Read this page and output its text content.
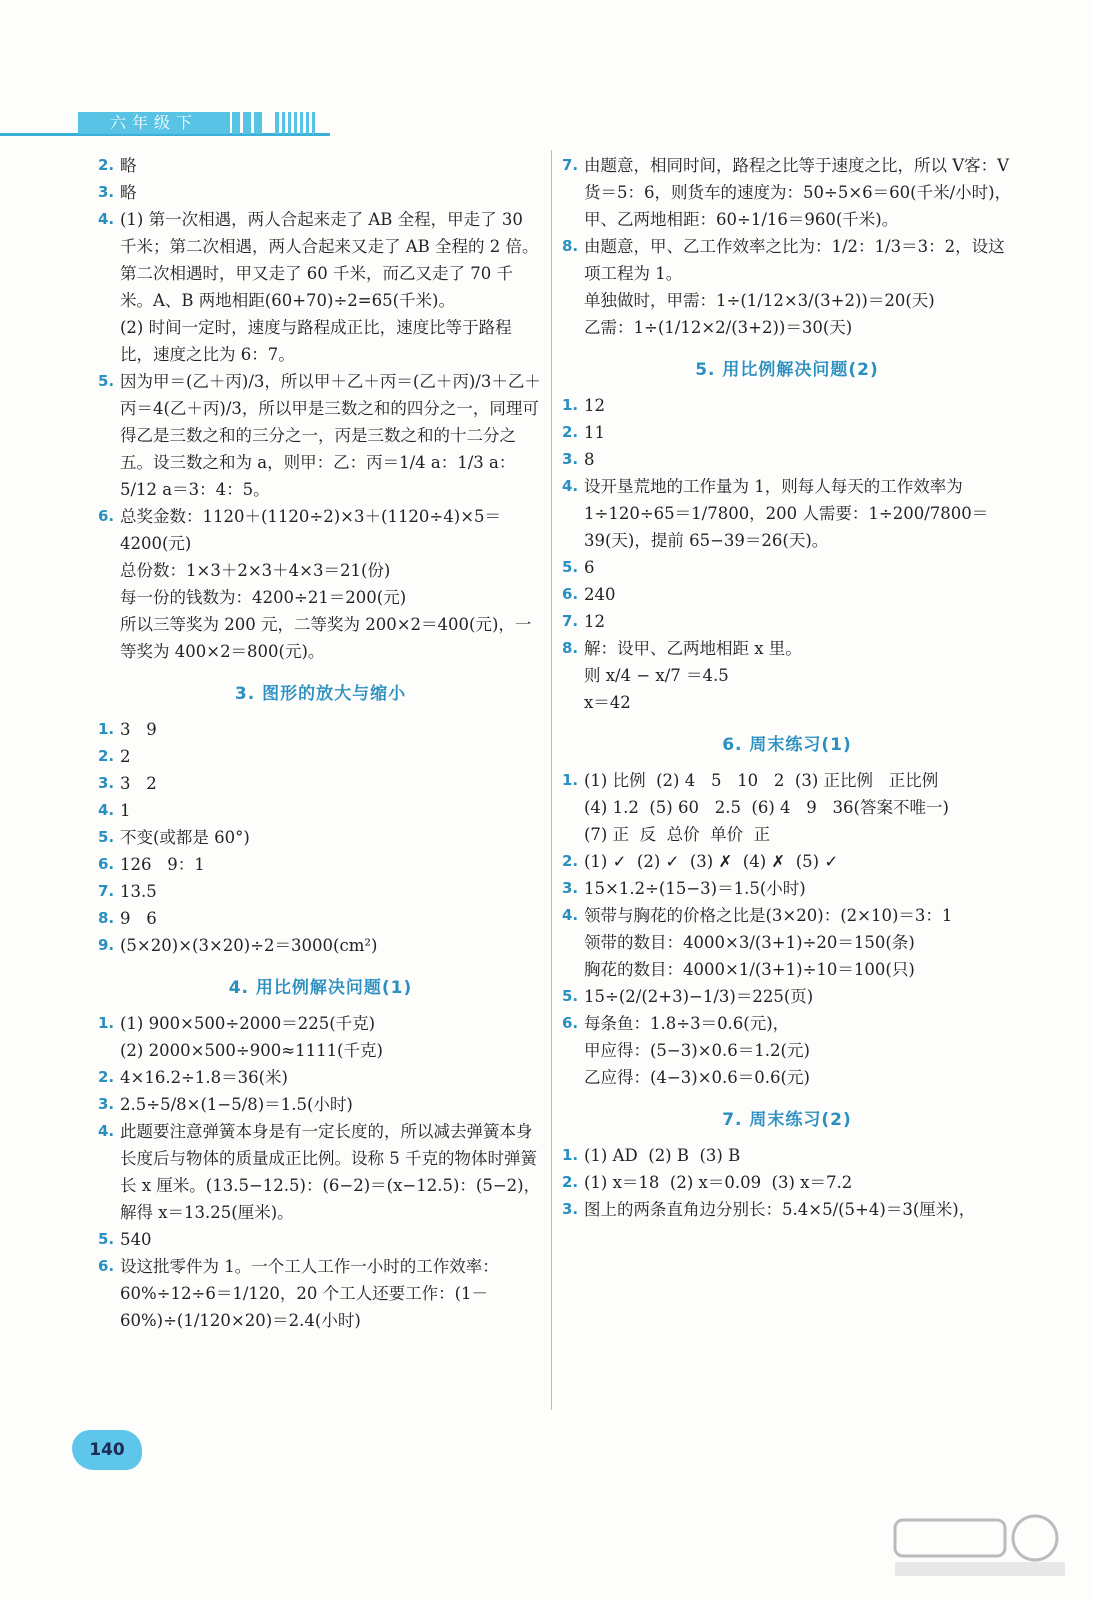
六年级下
2. 略
3. 略
4. (1) 第一次相遇，两人合起来走了 AB 全程，甲走了 30 千米；第二次相遇，两人合起来又走了 AB 全程的 2 倍。第二次相遇时，甲又走了 60 千米，而乙又走了 70 千米。A、B 两地相距(60+70)÷2=65(千米)。
(2) 时间一定时，速度与路程成正比，速度比等于路程比，速度之比为 6：7。
5. 因为甲＝(乙＋丙)/3，所以甲＋乙＋丙＝(乙＋丙)/3＋乙＋丙＝4(乙＋丙)/3，所以甲是三数之和的四分之一，同理可得乙是三数之和的三分之一，丙是三数之和的十二分之五。设三数之和为 a，则甲：乙：丙＝1/4 a：1/3 a：5/12 a＝3：4：5。
6. 总奖金数：1120＋(1120÷2)×3＋(1120÷4)×5＝4200(元)
总份数：1×3＋2×3＋4×3＝21(份)
每一份的钱数为：4200÷21＝200(元)
所以三等奖为 200 元，二等奖为 200×2＝400(元)，一等奖为 400×2＝800(元)。
3. 图形的放大与缩小
1. 3   9
2. 2
3. 3   2
4. 1
5. 不变(或都是 60°)
6. 126   9：1
7. 13.5
8. 9   6
9. (5×20)×(3×20)÷2＝3000(cm²)
4. 用比例解决问题(1)
1. (1) 900×500÷2000＝225(千克)
(2) 2000×500÷900≈1111(千克)
2. 4×16.2÷1.8＝36(米)
3. 2.5÷5/8×(1−5/8)＝1.5(小时)
4. 此题要注意弹簧本身是有一定长度的，所以减去弹簧本身长度后与物体的质量成正比例。设称 5 千克的物体时弹簧长 x 厘米。(13.5−12.5)：(6−2)＝(x−12.5)：(5−2)，解得 x＝13.25(厘米)。
5. 540
6. 设这批零件为 1。一个工人工作一小时的工作效率：60%÷12÷6＝1/120，20 个工人还要工作：(1－60%)÷(1/120×20)＝2.4(小时)
7. 由题意，相同时间，路程之比等于速度之比，所以 V客：V货＝5：6，则货车的速度为：50÷5×6＝60(千米/小时)，甲、乙两地相距：60÷1/16＝960(千米)。
8. 由题意，甲、乙工作效率之比为：1/2：1/3＝3：2，设这项工程为 1。
单独做时，甲需：1÷(1/12×3/(3+2))＝20(天)
乙需：1÷(1/12×2/(3+2))＝30(天)
5. 用比例解决问题(2)
1. 12
2. 11
3. 8
4. 设开垦荒地的工作量为 1，则每人每天的工作效率为 1÷120÷65＝1/7800，200 人需要：1÷200/7800＝39(天)，提前 65−39＝26(天)。
5. 6
6. 240
7. 12
8. 解：设甲、乙两地相距 x 里。
则 x/4 − x/7 ＝4.5
x＝42
6. 周末练习(1)
1. (1) 比例  (2) 4   5   10   2  (3) 正比例   正比例
(4) 1.2  (5) 60   2.5  (6) 4   9   36(答案不唯一)
(7) 正  反  总价  单价  正
2. (1) ✓  (2) ✓  (3) ✗  (4) ✗  (5) ✓
3. 15×1.2÷(15−3)＝1.5(小时)
4. 领带与胸花的价格之比是(3×20)：(2×10)＝3：1
领带的数目：4000×3/(3+1)÷20＝150(条)
胸花的数目：4000×1/(3+1)÷10＝100(只)
5. 15÷(2/(2+3)−1/3)＝225(页)
6. 每条鱼：1.8÷3＝0.6(元)，
甲应得：(5−3)×0.6＝1.2(元)
乙应得：(4−3)×0.6＝0.6(元)
7. 周末练习(2)
1. (1) AD  (2) B  (3) B
2. (1) x＝18  (2) x＝0.09  (3) x＝7.2
3. 图上的两条直角边分别长：5.4×5/(5+4)＝3(厘米)，
140
